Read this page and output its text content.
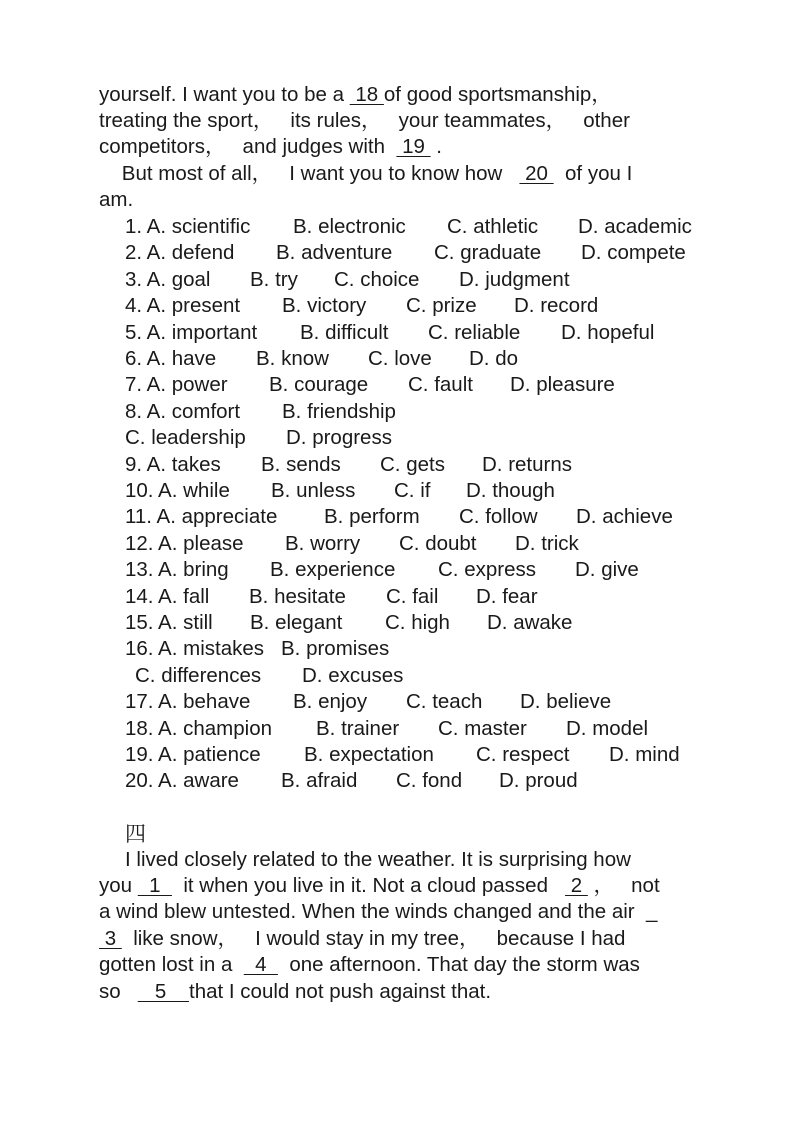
yourself. I want you to be a  18 of good sportsmanship，
treating the sport，   its rules，   your teammates，   other
competitors，   and judges with   19  .
But most of all，   I want you to know how    20   of you I
am.
1. A. scientific B. electronic C. athletic D. academic
2. A. defend B. adventure C. graduate D. compete
3. A. goal B. try C. choice D. judgment
4. A. present B. victory C. prize D. record
5. A. important B. difficult C. reliable D. hopeful
6. A. have B. know C. love D. do
7. A. power B. courage C. fault D. pleasure
8. A. comfort B. friendship
C. leadership D. progress
9. A. takes B. sends C. gets D. returns
10. A. while B. unless C. if D. though
11. A. appreciate B. perform C. follow D. achieve
12. A. please B. worry C. doubt D. trick
13. A. bring B. experience C. express D. give
14. A. fall B. hesitate C. fail D. fear
15. A. still B. elegant C. high D. awake
16. A. mistakes B. promises
C. differences D. excuses
17. A. behave B. enjoy C. teach D. believe
18. A. champion B. trainer C. master D. model
19. A. patience B. expectation C. respect D. mind
20. A. aware B. afraid C. fond D. proud
四
I lived closely related to the weather. It is surprising how
you   1    it when you live in it. Not a cloud passed    2  ，   not
a wind blew untested. When the winds changed and the air  _
3   like snow，   I would stay in my tree，   because I had
gotten lost in a    4    one afternoon. That day the storm was
so      5    that I could not push against that.
